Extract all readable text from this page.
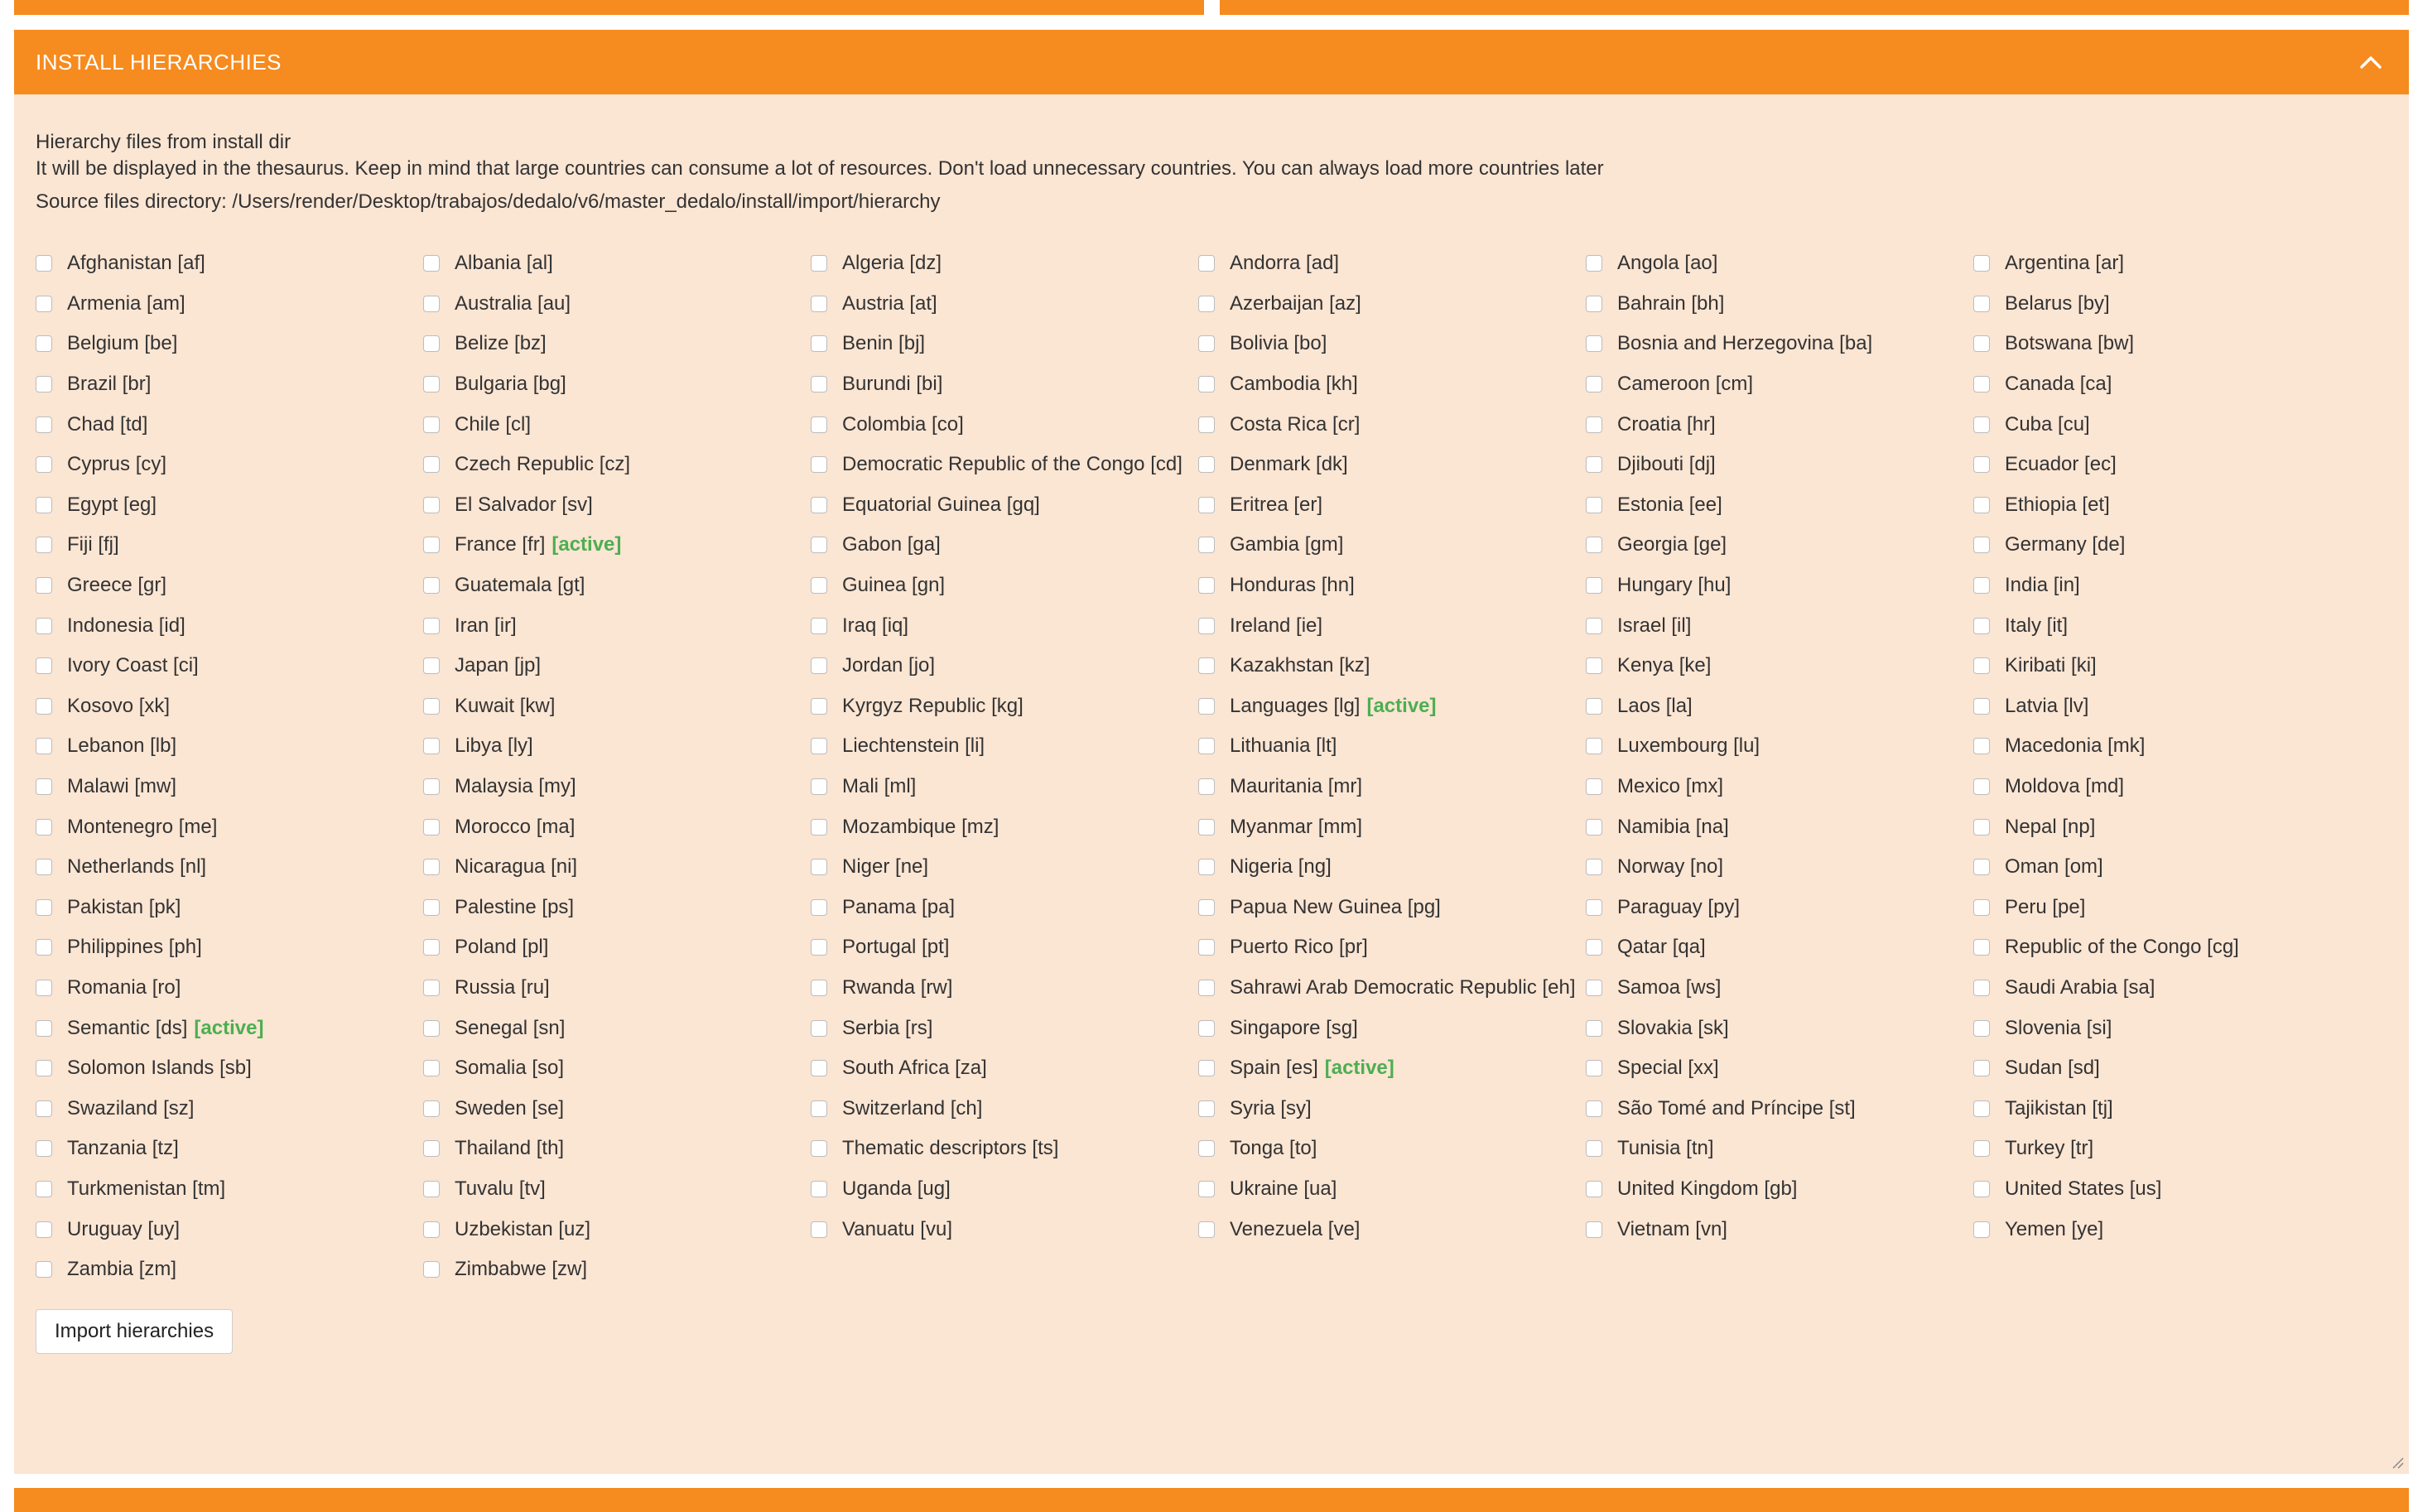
INSTALL HIERARCHIES
Hierarchy files from install dir
It will be displayed in the thesaurus. Keep in mind that large countries can consume a lot of resources. Don't load unnecessary countries. You can always load more countries later
Source files directory: /Users/render/Desktop/trabajos/dedalo/v6/master_dedalo/install/import/hierarchy
Afghanistan [af]	Albania [al]	Algeria [dz]	Andorra [ad]	Angola [ao]	Argentina [ar]
Armenia [am]	Australia [au]	Austria [at]	Azerbaijan [az]	Bahrain [bh]	Belarus [by]
Belgium [be]	Belize [bz]	Benin [bj]	Bolivia [bo]	Bosnia and Herzegovina [ba]	Botswana [bw]
Brazil [br]	Bulgaria [bg]	Burundi [bi]	Cambodia [kh]	Cameroon [cm]	Canada [ca]
Chad [td]	Chile [cl]	Colombia [co]	Costa Rica [cr]	Croatia [hr]	Cuba [cu]
Cyprus [cy]	Czech Republic [cz]	Democratic Republic of the Congo [cd] Denmark [dk]	Djibouti [dj]	Ecuador [ec]
Egypt [eg]	El Salvador [sv]	Equatorial Guinea [gq]	Eritrea [er]	Estonia [ee]	Ethiopia [et]
Fiji [fj]	France [fr] [active]	Gabon [ga]	Gambia [gm]	Georgia [ge]	Germany [de]
Greece [gr]	Guatemala [gt]	Guinea [gn]	Honduras [hn]	Hungary [hu]	India [in]
Indonesia [id]	Iran [ir]	Iraq [iq]	Ireland [ie]	Israel [il]	Italy [it]
Ivory Coast [ci]	Japan [jp]	Jordan [jo]	Kazakhstan [kz]	Kenya [ke]	Kiribati [ki]
Kosovo [xk]	Kuwait [kw]	Kyrgyz Republic [kg]	Languages [lg] [active]	Laos [la]	Latvia [lv]
Lebanon [lb]	Libya [ly]	Liechtenstein [li]	Lithuania [lt]	Luxembourg [lu]	Macedonia [mk]
Malawi [mw]	Malaysia [my]	Mali [ml]	Mauritania [mr]	Mexico [mx]	Moldova [md]
Montenegro [me]	Morocco [ma]	Mozambique [mz]	Myanmar [mm]	Namibia [na]	Nepal [np]
Netherlands [nl]	Nicaragua [ni]	Niger [ne]	Nigeria [ng]	Norway [no]	Oman [om]
Pakistan [pk]	Palestine [ps]	Panama [pa]	Papua New Guinea [pg]	Paraguay [py]	Peru [pe]
Philippines [ph]	Poland [pl]	Portugal [pt]	Puerto Rico [pr]	Qatar [qa]	Republic of the Congo [cg]
Romania [ro]	Russia [ru]	Rwanda [rw]	Sahrawi Arab Democratic Republic [eh] Samoa [ws]	Saudi Arabia [sa]
Semantic [ds] [active]	Senegal [sn]	Serbia [rs]	Singapore [sg]	Slovakia [sk]	Slovenia [si]
Solomon Islands [sb]	Somalia [so]	South Africa [za]	Spain [es] [active]	Special [xx]	Sudan [sd]
Swaziland [sz]	Sweden [se]	Switzerland [ch]	Syria [sy]	São Tomé and Príncipe [st]	Tajikistan [tj]
Tanzania [tz]	Thailand [th]	Thematic descriptors [ts]	Tonga [to]	Tunisia [tn]	Turkey [tr]
Turkmenistan [tm]	Tuvalu [tv]	Uganda [ug]	Ukraine [ua]	United Kingdom [gb]	United States [us]
Uruguay [uy]	Uzbekistan [uz]	Vanuatu [vu]	Venezuela [ve]	Vietnam [vn]	Yemen [ye]
Zambia [zm]	Zimbabwe [zw]
Import hierarchies
